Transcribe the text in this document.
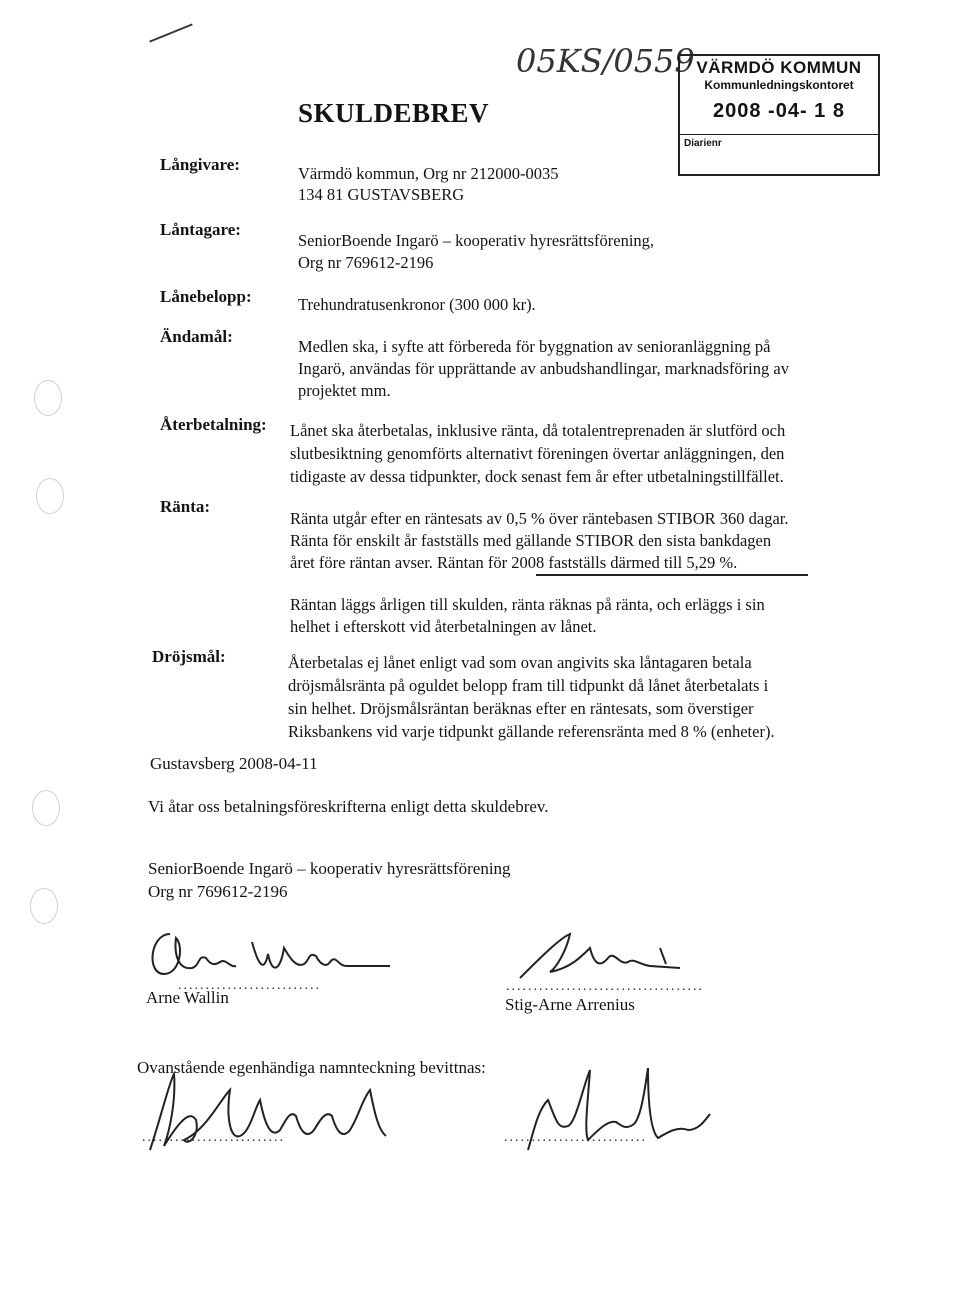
05KS/0559
SKULDEBREV
VÄRMDÖ KOMMUN
Kommunledningskontoret
2008 -04- 1 8
Diarienr
Långivare:	Värmdö kommun, Org nr 212000-0035
134 81 GUSTAVSBERG
Låntagare:
SeniorBoende Ingarö – kooperativ hyresrättsförening,
Org nr 769612-2196
Lånebelopp:	Trehundratusenkronor (300 000 kr).
Ändamål:
Medlen ska, i syfte att förbereda för byggnation av senioranläggning på
Ingarö, användas för upprättande av anbudshandlingar, marknadsföring av
projektet mm.
Återbetalning: Lånet ska återbetalas, inklusive ränta, då totalentreprenaden är slutförd och
slutbesiktning genomförts alternativt föreningen övertar anläggningen, den
tidigaste av dessa tidpunkter, dock senast fem år efter utbetalningstillfället.
Ränta:
Ränta utgår efter en räntesats av 0,5 % över räntebasen STIBOR 360 dagar.
Ränta för enskilt år fastställs med gällande STIBOR den sista bankdagen
året före räntan avser. Räntan för 2008 fastställs därmed till 5,29 %.
Räntan läggs årligen till skulden, ränta räknas på ränta, och erläggs i sin
helhet i efterskott vid återbetalningen av lånet.
Dröjsmål:	Återbetalas ej lånet enligt vad som ovan angivits ska låntagaren betala
dröjsmålsränta på oguldet belopp fram till tidpunkt då lånet återbetalats i
sin helhet. Dröjsmålsräntan beräknas efter en räntesats, som överstiger
Riksbankens vid varje tidpunkt gällande referensränta med 8 % (enheter).
Gustavsberg 2008-04-11
Vi åtar oss betalningsföreskrifterna enligt detta skuldebrev.
SeniorBoende Ingarö – kooperativ hyresrättsförening
Org nr 769612-2196
..........................
Arne Wallin
....................................
Stig-Arne Arrenius
Ovanstående egenhändiga namnteckning bevittnas:
..........................	..........................
